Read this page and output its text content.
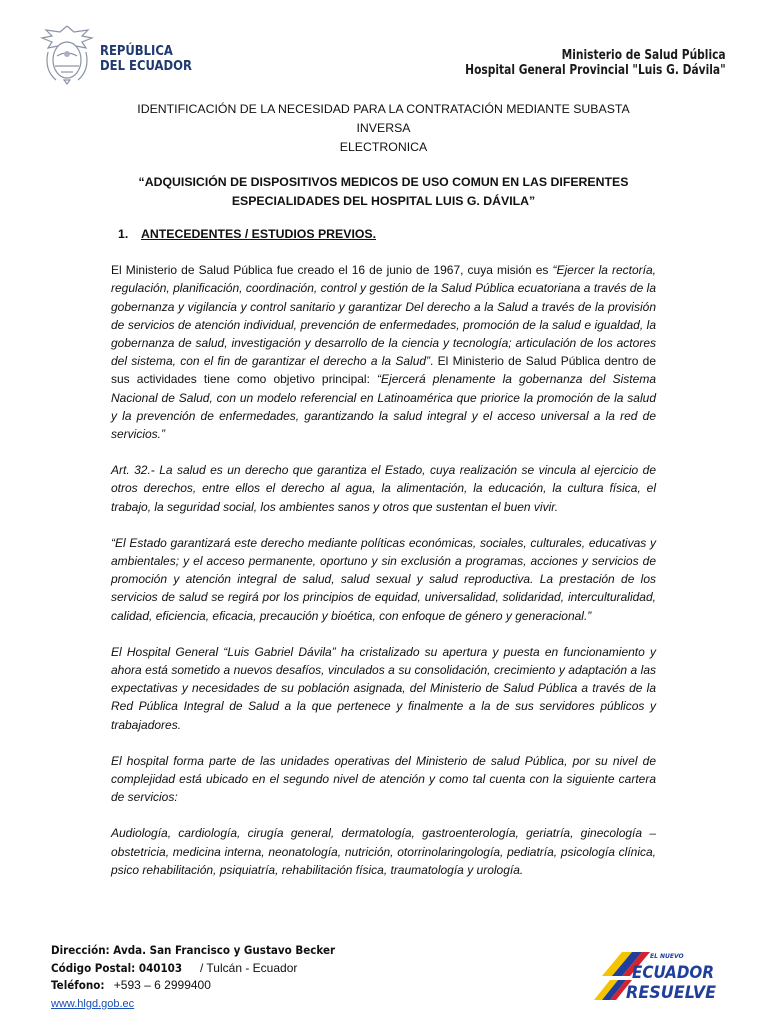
REPÚBLICA
DEL ECUADOR
Ministerio de Salud Pública
Hospital General Provincial "Luis G. Dávila"
IDENTIFICACIÓN DE LA NECESIDAD PARA LA CONTRATACIÓN MEDIANTE SUBASTA INVERSA
ELECTRONICA
“ADQUISICIÓN DE DISPOSITIVOS MEDICOS DE USO COMUN EN LAS DIFERENTES
ESPECIALIDADES DEL HOSPITAL LUIS G. DÁVILA”
1. ANTECEDENTES / ESTUDIOS PREVIOS.

El Ministerio de Salud Pública fue creado el 16 de junio de 1967, cuya misión es “Ejercer la rectoría, regulación, planificación, coordinación, control y gestión de la Salud Pública ecuatoriana a través de la gobernanza y vigilancia y control sanitario y garantizar Del derecho a la Salud a través de la provisión de servicios de atención individual, prevención de enfermedades, promoción de la salud e igualdad, la gobernanza de salud, investigación y desarrollo de la ciencia y tecnología; articulación de los actores del sistema, con el fin de garantizar el derecho a la Salud”. El Ministerio de Salud Pública dentro de sus actividades tiene como objetivo principal: “Ejercerá plenamente la gobernanza del Sistema Nacional de Salud, con un modelo referencial en Latinoamérica que priorice la promoción de la salud y la prevención de enfermedades, garantizando la salud integral y el acceso universal a la red de servicios.”

Art. 32.- La salud es un derecho que garantiza el Estado, cuya realización se vincula al ejercicio de otros derechos, entre ellos el derecho al agua, la alimentación, la educación, la cultura física, el trabajo, la seguridad social, los ambientes sanos y otros que sustentan el buen vivir.

“El Estado garantizará este derecho mediante políticas económicas, sociales, culturales, educativas y ambientales; y el acceso permanente, oportuno y sin exclusión a programas, acciones y servicios de promoción y atención integral de salud, salud sexual y salud reproductiva. La prestación de los servicios de salud se regirá por los principios de equidad, universalidad, solidaridad, interculturalidad, calidad, eficiencia, eficacia, precaución y bioética, con enfoque de género y generacional.”

El Hospital General “Luis Gabriel Dávila” ha cristalizado su apertura y puesta en funcionamiento y ahora está sometido a nuevos desafíos, vinculados a su consolidación, crecimiento y adaptación a las expectativas y necesidades de su población asignada, del Ministerio de Salud Pública a través de la Red Pública Integral de Salud a la que pertenece y finalmente a la de sus servidores públicos y trabajadores.

El hospital forma parte de las unidades operativas del Ministerio de salud Pública, por su nivel de complejidad está ubicado en el segundo nivel de atención y como tal cuenta con la siguiente cartera de servicios:

Audiología, cardiología, cirugía general, dermatología, gastroenterología, geriatría, ginecología – obstetricia, medicina interna, neonatología, nutrición, otorrinolaringología, pediatría, psicología clínica, psico rehabilitación, psiquiatría, rehabilitación física, traumatología y urología.

Dirección: Avda. San Francisco y Gustavo Becker
Código Postal: 040103 / Tulcán - Ecuador
Teléfono: +593 – 6 2999400
www.hlgd.gob.ec
EL NUEVO
ECUADOR
RESUELVE
